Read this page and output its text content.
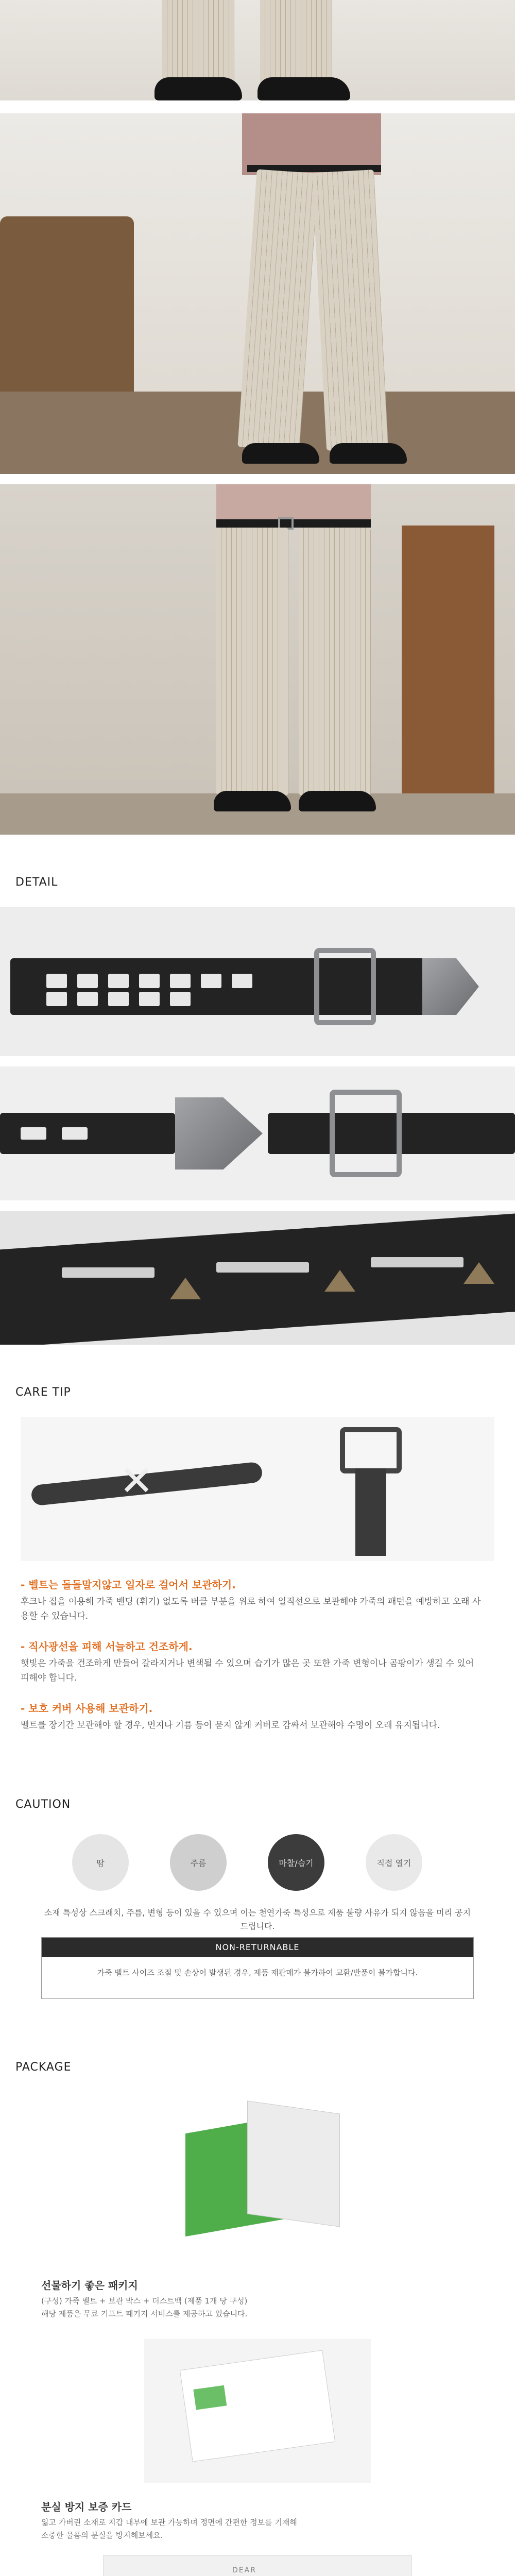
DETAIL
CARE TIP
✕
- 벨트는 돌돌말지않고 일자로 걸어서 보관하기.
후크나 집을 이용해 가죽 벤딩 (휘기) 없도록 버클 부분을 위로 하여 일직선으로 보관해야 가죽의 패턴을 예방하고 오래 사용할 수 있습니다.
- 직사광선을 피해 서늘하고 건조하게.
햇빛은 가죽을 건조하게 만들어 갈라지거나 변색될 수 있으며 습기가 많은 곳 또한 가죽 변형이나 곰팡이가 생길 수 있어 피해야 합니다.
- 보호 커버 사용해 보관하기.
벨트를 장기간 보관해야 할 경우, 먼지나 기름 등이 묻지 않게 커버로 감싸서 보관해야 수명이 오래 유지됩니다.
CAUTION
땀	주름	마찰/습기	직접 열기
소재 특성상 스크래치, 주름, 변형 등이 있을 수 있으며 이는 천연가죽 특성으로 제품 불량 사유가 되지 않음을 미리 공지드립니다.
NON-RETURNABLE
가죽 벨트 사이즈 조절 및 손상이 발생된 경우, 제품 재판매가 불가하여 교환/반품이 불가합니다.
PACKAGE
선물하기 좋은 패키지
(구성) 가죽 벨트 + 보관 박스 + 더스트백 (제품 1개 당 구성)
해당 제품은 무료 기프트 패키지 서비스를 제공하고 있습니다.
분실 방지 보증 카드
잃고 가버린 소재로 지갑 내부에 보관 가능하며 정면에 간편한 정보를 기재해
소중한 물품의 분실을 방지해보세요.
DEAR
